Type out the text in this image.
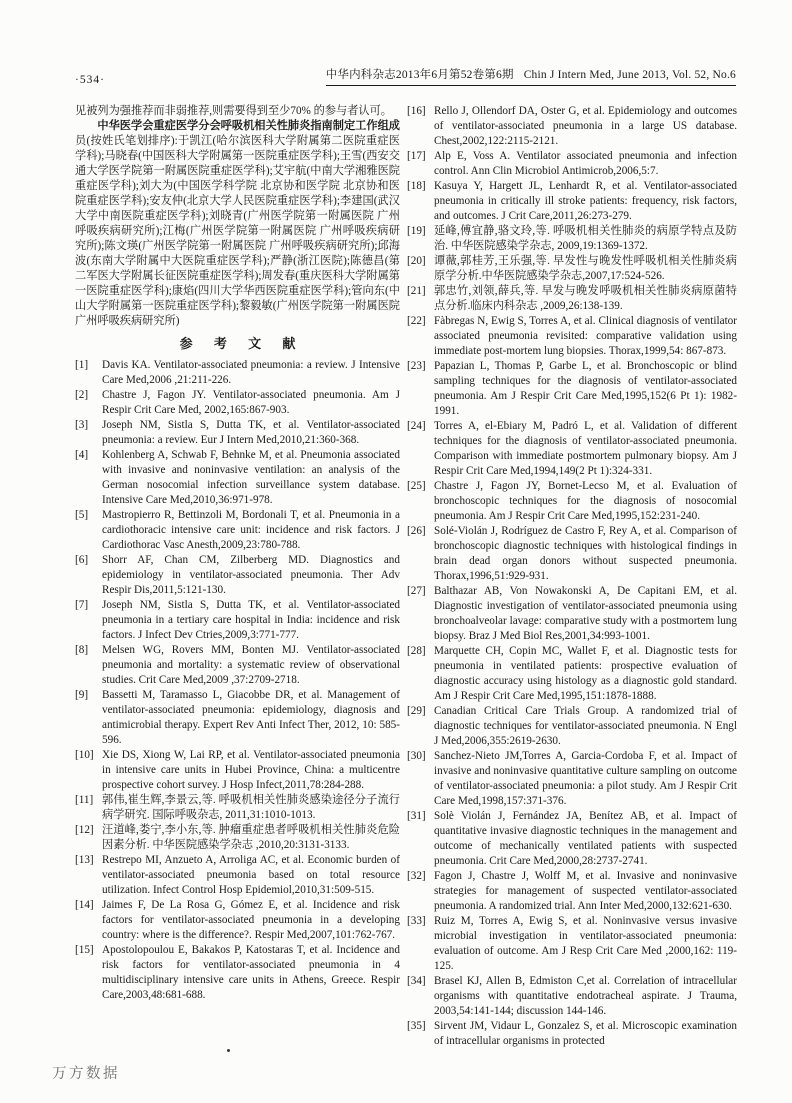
·534·	中华内科杂志2013年6月第52卷第6期 Chin J Intern Med, June 2013, Vol. 52, No.6

见被列为强推荐而非弱推荐,则需要得到至少70% 的参与者认可。

中华医学会重症医学分会呼吸机相关性肺炎指南制定工作组成员(按姓氏笔划排序):于凯江(哈尔滨医科大学附属第二医院重症医学科);马晓春(中国医科大学附属第一医院重症医学科);王雪(西安交通大学医学院第一附属医院重症医学科);艾宇航(中南大学湘雅医院重症医学科);刘大为(中国医学科学院 北京协和医学院 北京协和医院重症医学科);安友仲(北京大学人民医院重症医学科);李建国(武汉大学中南医院重症医学科);刘晓青(广州医学院第一附属医院 广州呼吸疾病研究所);江梅(广州医学院第一附属医院 广州呼吸疾病研究所);陈文瑛(广州医学院第一附属医院 广州呼吸疾病研究所);邱海波(东南大学附属中大医院重症医学科);严静(浙江医院);陈德昌(第二军医大学附属长征医院重症医学科);周发春(重庆医科大学附属第一医院重症医学科);康焰(四川大学华西医院重症医学科);管向东(中山大学附属第一医院重症医学科);黎毅敏(广州医学院第一附属医院 广州呼吸疾病研究所)

参 考 文 献
[1]	Davis KA. Ventilator-associated pneumonia: a review. J Intensive Care Med,2006 ,21:211-226.
[2]	Chastre J, Fagon JY. Ventilator-associated pneumonia. Am J Respir Crit Care Med, 2002,165:867-903.
[3]	Joseph NM, Sistla S, Dutta TK, et al. Ventilator-associated pneumonia: a review. Eur J Intern Med,2010,21:360-368.
[4]	Kohlenberg A, Schwab F, Behnke M, et al. Pneumonia associated with invasive and noninvasive ventilation: an analysis of the German nosocomial infection surveillance system database. Intensive Care Med,2010,36:971-978.
[5]	Mastropierro R, Bettinzoli M, Bordonali T, et al. Pneumonia in a cardiothoracic intensive care unit: incidence and risk factors. J Cardiothorac Vasc Anesth,2009,23:780-788.
[6]	Shorr AF, Chan CM, Zilberberg MD. Diagnostics and epidemiology in ventilator-associated pneumonia. Ther Adv Respir Dis,2011,5:121-130.
[7]	Joseph NM, Sistla S, Dutta TK, et al. Ventilator-associated pneumonia in a tertiary care hospital in India: incidence and risk factors. J Infect Dev Ctries,2009,3:771-777.
[8]	Melsen WG, Rovers MM, Bonten MJ. Ventilator-associated pneumonia and mortality: a systematic review of observational studies. Crit Care Med,2009 ,37:2709-2718.
[9]	Bassetti M, Taramasso L, Giacobbe DR, et al. Management of ventilator-associated pneumonia: epidemiology, diagnosis and antimicrobial therapy. Expert Rev Anti Infect Ther, 2012, 10: 585-596.
[10] Xie DS, Xiong W, Lai RP, et al. Ventilator-associated pneumonia in intensive care units in Hubei Province, China: a multicentre prospective cohort survey. J Hosp Infect,2011,78:284-288.
[11] 郭伟,崔生辉,李景云,等. 呼吸机相关性肺炎感染途径分子流行病学研究. 国际呼吸杂志, 2011,31:1010-1013.
[12] 汪道峰,娄宁,李小东,等. 肿瘤重症患者呼吸机相关性肺炎危险因素分析. 中华医院感染学杂志 ,2010,20:3131-3133.
[13] Restrepo MI, Anzueto A, Arroliga AC, et al. Economic burden of ventilator-associated pneumonia based on total resource utilization. Infect Control Hosp Epidemiol,2010,31:509-515.
[14] Jaimes F, De La Rosa G, Gómez E, et al. Incidence and risk factors for ventilator-associated pneumonia in a developing country: where is the difference?. Respir Med,2007,101:762-767.
[15] Apostolopoulou E, Bakakos P, Katostaras T, et al. Incidence and risk factors for ventilator-associated pneumonia in 4 multidisciplinary intensive care units in Athens, Greece. Respir Care,2003,48:681-688.
[16] Rello J, Ollendorf DA, Oster G, et al. Epidemiology and outcomes of ventilator-associated pneumonia in a large US database. Chest,2002,122:2115-2121.
[17] Alp E, Voss A. Ventilator associated pneumonia and infection control. Ann Clin Microbiol Antimicrob,2006,5:7.
[18] Kasuya Y, Hargett JL, Lenhardt R, et al. Ventilator-associated pneumonia in critically ill stroke patients: frequency, risk factors, and outcomes. J Crit Care,2011,26:273-279.
[19] 延峰,傅宜静,骆文玲,等. 呼吸机相关性肺炎的病原学特点及防治. 中华医院感染学杂志, 2009,19:1369-1372.
[20] 谭薇,郭桂芳,王乐强,等. 早发性与晚发性呼吸机相关性肺炎病原学分析.中华医院感染学杂志,2007,17:524-526.
[21] 郭忠竹,刘领,薛兵,等. 早发与晚发呼吸机相关性肺炎病原菌特点分析.临床内科杂志 ,2009,26:138-139.
[22] Fàbregas N, Ewig S, Torres A, et al. Clinical diagnosis of ventilator associated pneumonia revisited: comparative validation using immediate post-mortem lung biopsies. Thorax,1999,54: 867-873.
[23] Papazian L, Thomas P, Garbe L, et al. Bronchoscopic or blind sampling techniques for the diagnosis of ventilator-associated pneumonia. Am J Respir Crit Care Med,1995,152(6 Pt 1): 1982-1991.
[24] Torres A, el-Ebiary M, Padró L, et al. Validation of different techniques for the diagnosis of ventilator-associated pneumonia. Comparison with immediate postmortem pulmonary biopsy. Am J Respir Crit Care Med,1994,149(2 Pt 1):324-331.
[25] Chastre J, Fagon JY, Bornet-Lecso M, et al. Evaluation of bronchoscopic techniques for the diagnosis of nosocomial pneumonia. Am J Respir Crit Care Med,1995,152:231-240.
[26] Solé-Violán J, Rodríguez de Castro F, Rey A, et al. Comparison of bronchoscopic diagnostic techniques with histological findings in brain dead organ donors without suspected pneumonia. Thorax,1996,51:929-931.
[27] Balthazar AB, Von Nowakonski A, De Capitani EM, et al. Diagnostic investigation of ventilator-associated pneumonia using bronchoalveolar lavage: comparative study with a postmortem lung biopsy. Braz J Med Biol Res,2001,34:993-1001.
[28] Marquette CH, Copin MC, Wallet F, et al. Diagnostic tests for pneumonia in ventilated patients: prospective evaluation of diagnostic accuracy using histology as a diagnostic gold standard. Am J Respir Crit Care Med,1995,151:1878-1888.
[29] Canadian Critical Care Trials Group. A randomized trial of diagnostic techniques for ventilator-associated pneumonia. N Engl J Med,2006,355:2619-2630.
[30] Sanchez-Nieto JM,Torres A, Garcia-Cordoba F, et al. Impact of invasive and noninvasive quantitative culture sampling on outcome of ventilator-associated pneumonia: a pilot study. Am J Respir Crit Care Med,1998,157:371-376.
[31] Solè Violán J, Fernández JA, Benítez AB, et al. Impact of quantitative invasive diagnostic techniques in the management and outcome of mechanically ventilated patients with suspected pneumonia. Crit Care Med,2000,28:2737-2741.
[32] Fagon J, Chastre J, Wolff M, et al. Invasive and noninvasive strategies for management of suspected ventilator-associated pneumonia. A randomized trial. Ann Inter Med,2000,132:621-630.
[33] Ruiz M, Torres A, Ewig S, et al. Noninvasive versus invasive microbial investigation in ventilator-associated pneumonia: evaluation of outcome. Am J Resp Crit Care Med ,2000,162: 119-125.
[34] Brasel KJ, Allen B, Edmiston C,et al. Correlation of intracellular organisms with quantitative endotracheal aspirate. J Trauma, 2003,54:141-144; discussion 144-146.
[35] Sirvent JM, Vidaur L, Gonzalez S, et al. Microscopic examination of intracellular organisms in protected
万方数据
